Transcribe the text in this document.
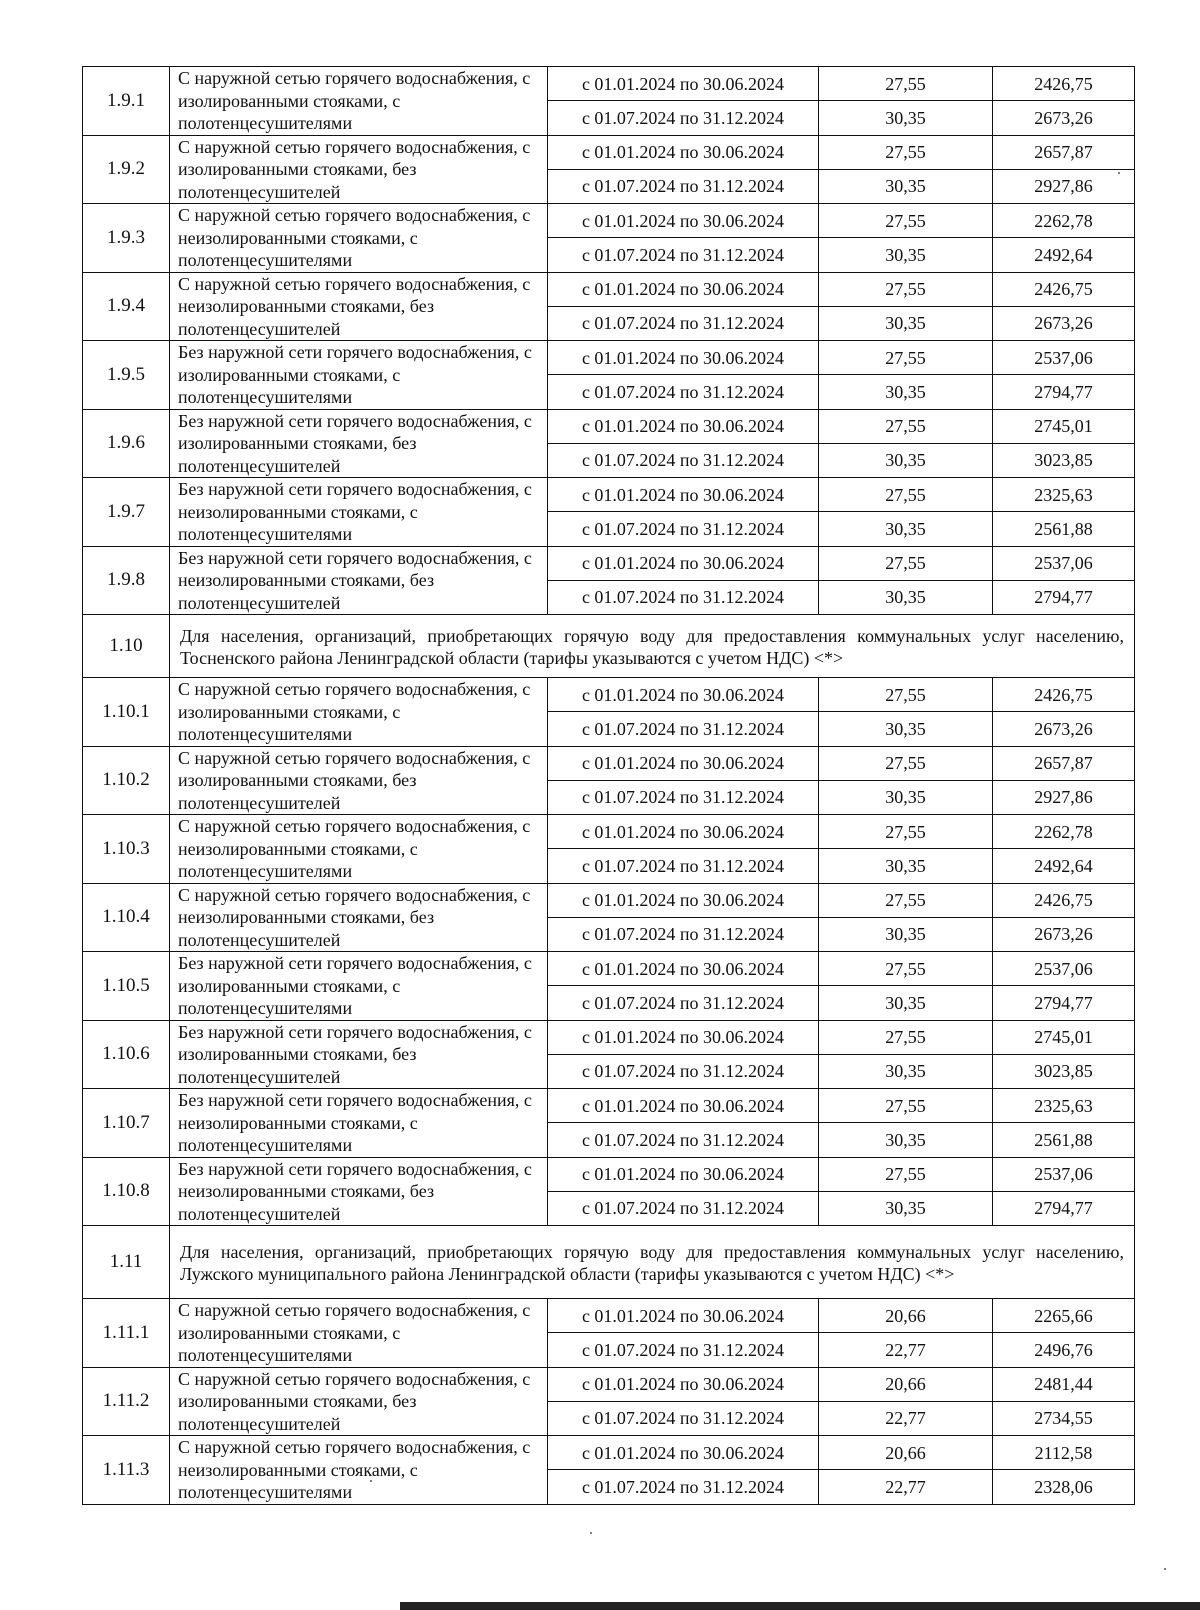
1.9.1	С наружной сетью горячего водоснабжения, с изолированными стояками, с полотенцесушителями	с 01.01.2024 по 30.06.2024	27,55	2426,75
		с 01.07.2024 по 31.12.2024	30,35	2673,26
1.9.2	С наружной сетью горячего водоснабжения, с изолированными стояками, без полотенцесушителей	с 01.01.2024 по 30.06.2024	27,55	2657,87
		с 01.07.2024 по 31.12.2024	30,35	2927,86
1.9.3	С наружной сетью горячего водоснабжения, с неизолированными стояками, с полотенцесушителями	с 01.01.2024 по 30.06.2024	27,55	2262,78
		с 01.07.2024 по 31.12.2024	30,35	2492,64
1.9.4	С наружной сетью горячего водоснабжения, с неизолированными стояками, без полотенцесушителей	с 01.01.2024 по 30.06.2024	27,55	2426,75
		с 01.07.2024 по 31.12.2024	30,35	2673,26
1.9.5	Без наружной сети горячего водоснабжения, с изолированными стояками, с полотенцесушителями	с 01.01.2024 по 30.06.2024	27,55	2537,06
		с 01.07.2024 по 31.12.2024	30,35	2794,77
1.9.6	Без наружной сети горячего водоснабжения, с изолированными стояками, без полотенцесушителей	с 01.01.2024 по 30.06.2024	27,55	2745,01
		с 01.07.2024 по 31.12.2024	30,35	3023,85
1.9.7	Без наружной сети горячего водоснабжения, с неизолированными стояками, с полотенцесушителями	с 01.01.2024 по 30.06.2024	27,55	2325,63
		с 01.07.2024 по 31.12.2024	30,35	2561,88
1.9.8	Без наружной сети горячего водоснабжения, с неизолированными стояками, без полотенцесушителей	с 01.01.2024 по 30.06.2024	27,55	2537,06
		с 01.07.2024 по 31.12.2024	30,35	2794,77
1.10	Для населения, организаций, приобретающих горячую воду для предоставления коммунальных услуг населению, Тосненского района Ленинградской области (тарифы указываются с учетом НДС) <*>			
1.10.1	С наружной сетью горячего водоснабжения, с изолированными стояками, с полотенцесушителями	с 01.01.2024 по 30.06.2024	27,55	2426,75
		с 01.07.2024 по 31.12.2024	30,35	2673,26
1.10.2	С наружной сетью горячего водоснабжения, с изолированными стояками, без полотенцесушителей	с 01.01.2024 по 30.06.2024	27,55	2657,87
		с 01.07.2024 по 31.12.2024	30,35	2927,86
1.10.3	С наружной сетью горячего водоснабжения, с неизолированными стояками, с полотенцесушителями	с 01.01.2024 по 30.06.2024	27,55	2262,78
		с 01.07.2024 по 31.12.2024	30,35	2492,64
1.10.4	С наружной сетью горячего водоснабжения, с неизолированными стояками, без полотенцесушителей	с 01.01.2024 по 30.06.2024	27,55	2426,75
		с 01.07.2024 по 31.12.2024	30,35	2673,26
1.10.5	Без наружной сети горячего водоснабжения, с изолированными стояками, с полотенцесушителями	с 01.01.2024 по 30.06.2024	27,55	2537,06
		с 01.07.2024 по 31.12.2024	30,35	2794,77
1.10.6	Без наружной сети горячего водоснабжения, с изолированными стояками, без полотенцесушителей	с 01.01.2024 по 30.06.2024	27,55	2745,01
		с 01.07.2024 по 31.12.2024	30,35	3023,85
1.10.7	Без наружной сети горячего водоснабжения, с неизолированными стояками, с полотенцесушителями	с 01.01.2024 по 30.06.2024	27,55	2325,63
		с 01.07.2024 по 31.12.2024	30,35	2561,88
1.10.8	Без наружной сети горячего водоснабжения, с неизолированными стояками, без полотенцесушителей	с 01.01.2024 по 30.06.2024	27,55	2537,06
		с 01.07.2024 по 31.12.2024	30,35	2794,77
1.11	Для населения, организаций, приобретающих горячую воду для предоставления коммунальных услуг населению, Лужского муниципального района Ленинградской области (тарифы указываются с учетом НДС) <*>			
1.11.1	С наружной сетью горячего водоснабжения, с изолированными стояками, с полотенцесушителями	с 01.01.2024 по 30.06.2024	20,66	2265,66
		с 01.07.2024 по 31.12.2024	22,77	2496,76
1.11.2	С наружной сетью горячего водоснабжения, с изолированными стояками, без полотенцесушителей	с 01.01.2024 по 30.06.2024	20,66	2481,44
		с 01.07.2024 по 31.12.2024	22,77	2734,55
1.11.3	С наружной сетью горячего водоснабжения, с неизолированными стояками, с полотенцесушителями	с 01.01.2024 по 30.06.2024	20,66	2112,58
		с 01.07.2024 по 31.12.2024	22,77	2328,06
